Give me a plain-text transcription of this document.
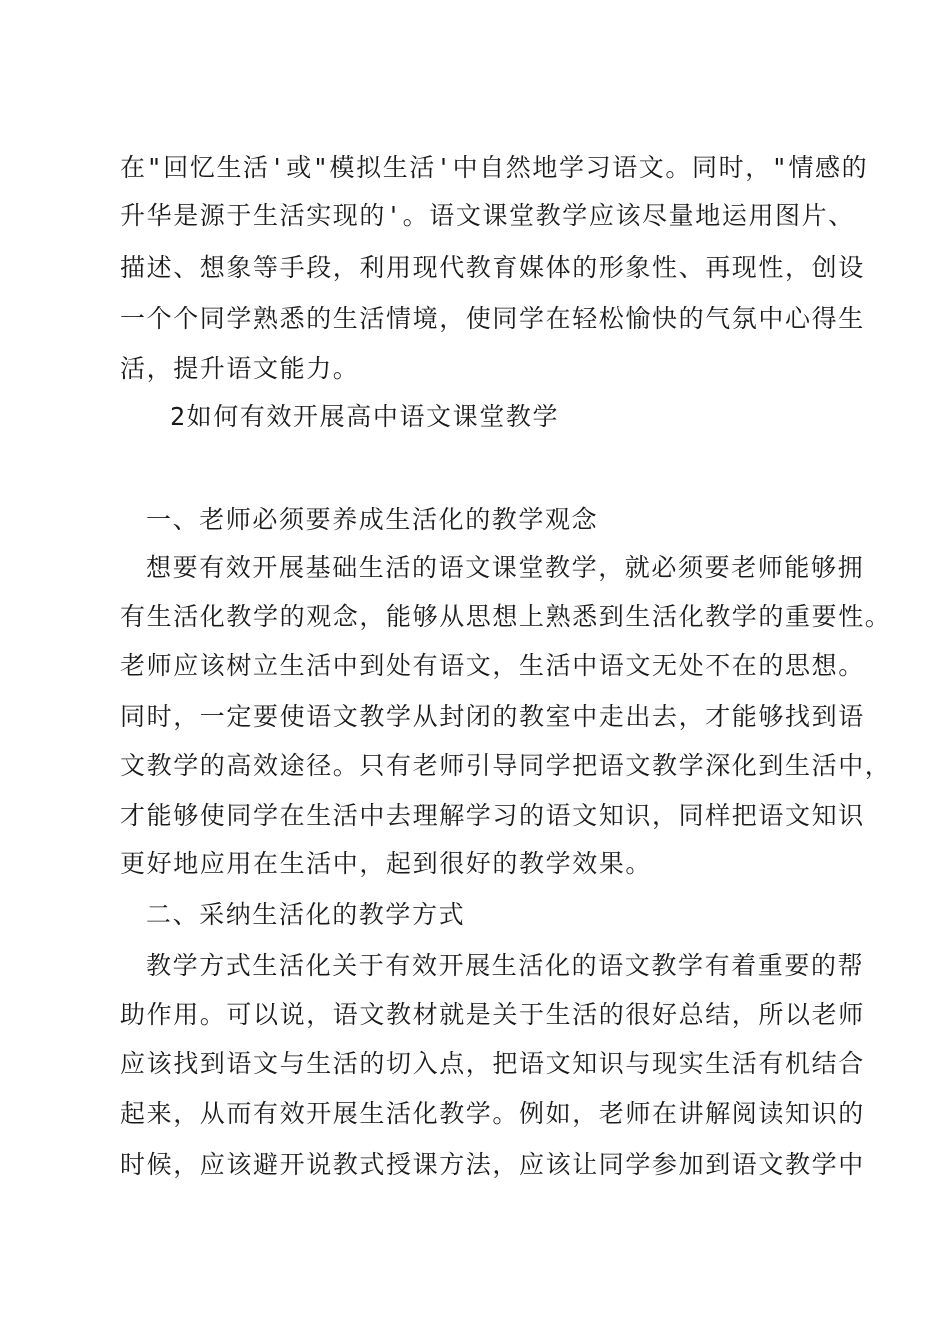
在"回忆生活'或"模拟生活'中自然地学习语文。同时，"情感的
升华是源于生活实现的'。语文课堂教学应该尽量地运用图片、
描述、想象等手段，利用现代教育媒体的形象性、再现性，创设
一个个同学熟悉的生活情境，使同学在轻松愉快的气氛中心得生
活，提升语文能力。
2如何有效开展高中语文课堂教学
一、老师必须要养成生活化的教学观念
想要有效开展基础生活的语文课堂教学，就必须要老师能够拥
有生活化教学的观念，能够从思想上熟悉到生活化教学的重要性。
老师应该树立生活中到处有语文，生活中语文无处不在的思想。
同时，一定要使语文教学从封闭的教室中走出去，才能够找到语
文教学的高效途径。只有老师引导同学把语文教学深化到生活中，
才能够使同学在生活中去理解学习的语文知识，同样把语文知识
更好地应用在生活中，起到很好的教学效果。
二、采纳生活化的教学方式
教学方式生活化关于有效开展生活化的语文教学有着重要的帮
助作用。可以说，语文教材就是关于生活的很好总结，所以老师
应该找到语文与生活的切入点，把语文知识与现实生活有机结合
起来，从而有效开展生活化教学。例如，老师在讲解阅读知识的
时候，应该避开说教式授课方法，应该让同学参加到语文教学中
